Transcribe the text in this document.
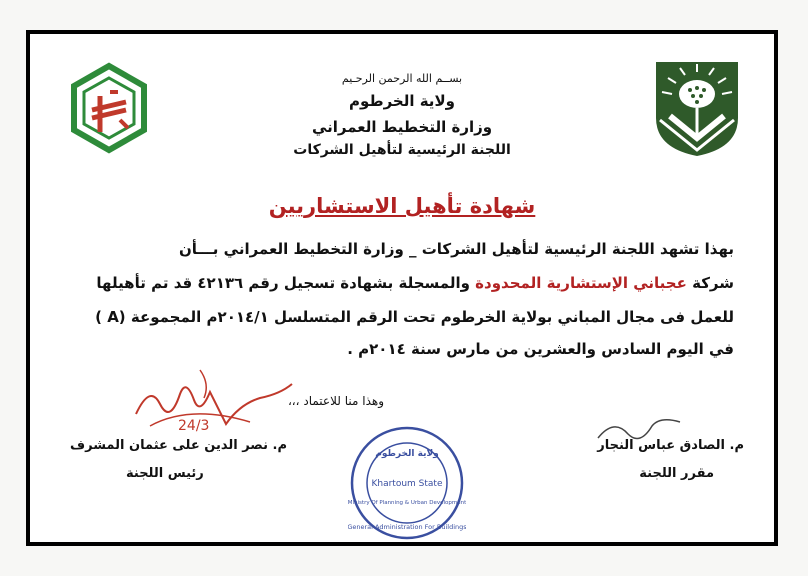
بســم الله الرحمن الرحـيم
ولاية الخرطوم
وزارة التخطيط العمراني
اللجنة الرئيسية لتأهيل الشركات
شهادة تأهيل الاستشاريين
بهذا تشهد اللجنة الرئيسية لتأهيل الشركات _ وزارة التخطيط العمراني بـــأن
شركة عجباني الإستشارية المحدودة والمسجلة بشهادة تسجيل رقم ٤٢١٣٦ قد تم تأهيلها
للعمل فى مجال المباني بولاية الخرطوم تحت الرقم المتسلسل ٢٠١٤/١م المجموعة (A )
في اليوم السادس والعشرين من مارس سنة ٢٠١٤م .
وهذا منا للاعتماد ،،،
24/3
م. نصر الدين على عثمان المشرف
رئيس اللجنة
م. الصادق عباس النجار
مقرر اللجنة
ولاية الخرطوم
Khartoum State
Ministry Of Planning & Urban Development
General Administration For Buildings
